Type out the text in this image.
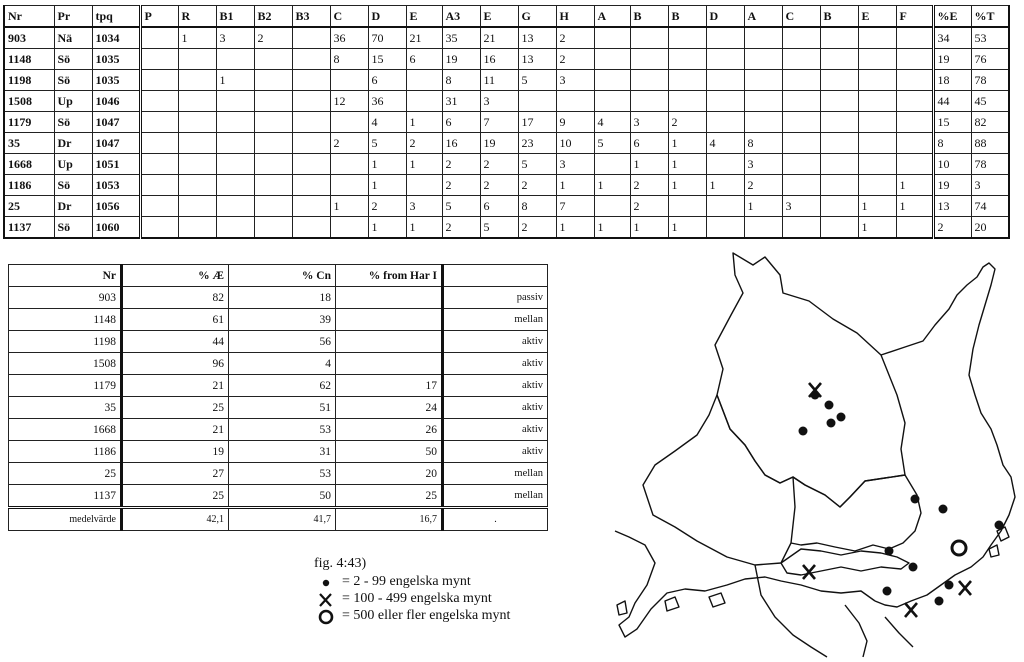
Nr	Pr	tpq	P	R	B1	B2	B3	C	D	E	A3	E	G	H	A	B	B	D	A	C	B	E	F	%E	%T
903	Nä	1034		1	3	2		36	70	21	35	21	13	2										34	53
1148	Sö	1035						8	15	6	19	16	13	2										19	76
1198	Sö	1035			1				6		8	11	5	3										18	78
1508	Up	1046						12	36		31	3												44	45
1179	Sö	1047							4	1	6	7	17	9	4	3	2							15	82
35	Dr	1047						2	5	2	16	19	23	10	5	6	1	4	8					8	88
1668	Up	1051							1	1	2	2	5	3		1	1		3					10	78
1186	Sö	1053							1		2	2	2	1	1	2	1	1	2				1	19	3
25	Dr	1056						1	2	3	5	6	8	7		2			1	3		1	1	13	74
1137	Sö	1060							1	1	2	5	2	1	1	1	1					1		2	20
Nr	% Æ	% Cn	% from Har I	
903	82	18		passiv
1148	61	39		mellan
1198	44	56		aktiv
1508	96	4		aktiv
1179	21	62	17	aktiv
35	25	51	24	aktiv
1668	21	53	26	aktiv
1186	19	31	50	aktiv
25	27	53	20	mellan
1137	25	50	25	mellan
medelvärde	42,1	41,7	16,7	.
fig. 4:43)
= 2 - 99 engelska mynt
= 100 - 499 engelska mynt
= 500 eller fler engelska mynt
